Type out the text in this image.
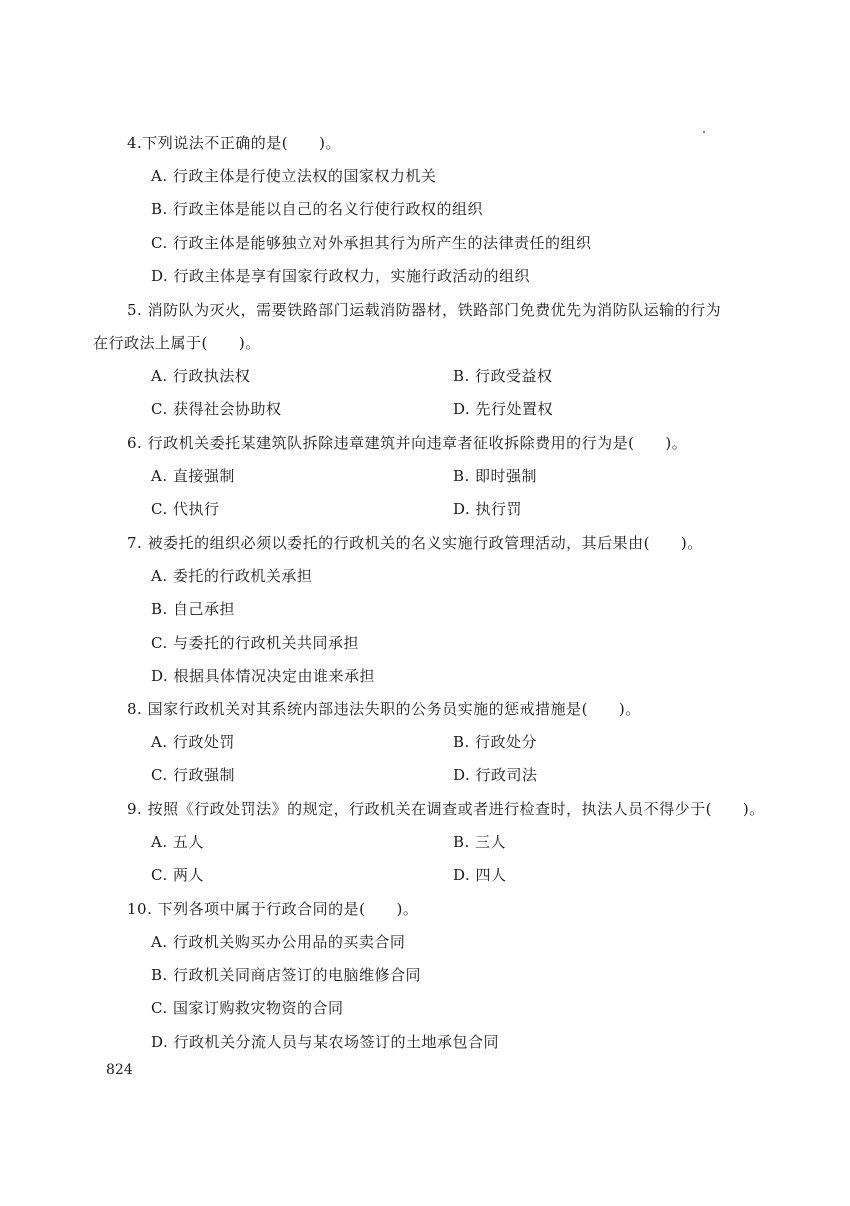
4.下列说法不正确的是(　　)。
A. 行政主体是行使立法权的国家权力机关
B. 行政主体是能以自己的名义行使行政权的组织
C. 行政主体是能够独立对外承担其行为所产生的法律责任的组织
D. 行政主体是享有国家行政权力，实施行政活动的组织
5. 消防队为灭火，需要铁路部门运载消防器材，铁路部门免费优先为消防队运输的行为
在行政法上属于(　　)。
A. 行政执法权	B. 行政受益权
C. 获得社会协助权	D. 先行处置权
6. 行政机关委托某建筑队拆除违章建筑并向违章者征收拆除费用的行为是(　　)。
A. 直接强制	B. 即时强制
C. 代执行	D. 执行罚
7. 被委托的组织必须以委托的行政机关的名义实施行政管理活动，其后果由(　　)。
A. 委托的行政机关承担
B. 自己承担
C. 与委托的行政机关共同承担
D. 根据具体情况决定由谁来承担
8. 国家行政机关对其系统内部违法失职的公务员实施的惩戒措施是(　　)。
A. 行政处罚	B. 行政处分
C. 行政强制	D. 行政司法
9. 按照《行政处罚法》的规定，行政机关在调查或者进行检查时，执法人员不得少于(　　)。
A. 五人	B. 三人
C. 两人	D. 四人
10. 下列各项中属于行政合同的是(　　)。
A. 行政机关购买办公用品的买卖合同
B. 行政机关同商店签订的电脑维修合同
C. 国家订购救灾物资的合同
D. 行政机关分流人员与某农场签订的土地承包合同
824
